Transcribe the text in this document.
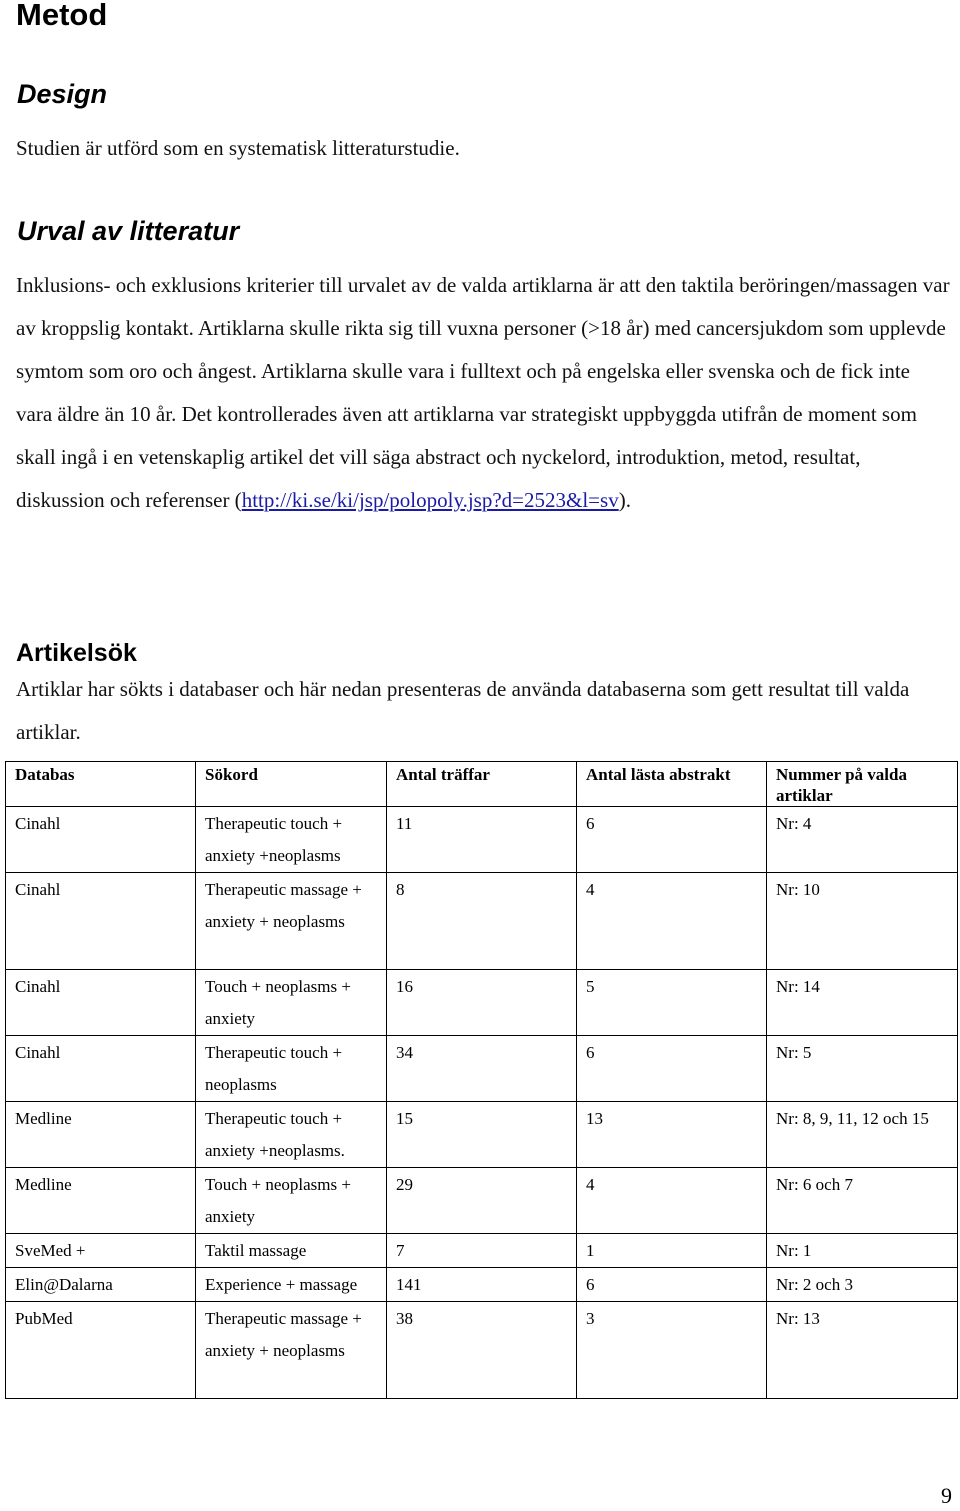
Metod
Design

Studien är utförd som en systematisk litteraturstudie.

Urval av litteratur

Inklusions- och exklusions kriterier till urvalet av de valda artiklarna är att den taktila beröringen/massagen var av kroppslig kontakt. Artiklarna skulle rikta sig till vuxna personer (>18 år) med cancersjukdom som upplevde symtom som oro och ångest. Artiklarna skulle vara i fulltext och på engelska eller svenska och de fick inte vara äldre än 10 år. Det kontrollerades även att artiklarna var strategiskt uppbyggda utifrån de moment som skall ingå i en vetenskaplig artikel det vill säga abstract och nyckelord, introduktion, metod, resultat, diskussion och referenser (http://ki.se/ki/jsp/polopoly.jsp?d=2523&l=sv).

Artikelsök

Artiklar har sökts i databaser och här nedan presenteras de använda databaserna som gett resultat till valda artiklar.

Databas	Sökord	Antal träffar	Antal lästa abstrakt	Nummer på valda artiklar
Cinahl	Therapeutic touch + anxiety +neoplasms	11	6	Nr: 4
Cinahl	Therapeutic massage + anxiety + neoplasms	8	4	Nr: 10
Cinahl	Touch + neoplasms + anxiety	16	5	Nr: 14
Cinahl	Therapeutic touch + neoplasms	34	6	Nr: 5
Medline	Therapeutic touch + anxiety +neoplasms.	15	13	Nr: 8, 9, 11, 12 och 15
Medline	Touch + neoplasms + anxiety	29	4	Nr: 6 och 7
SveMed +	Taktil massage	7	1	Nr: 1
Elin@Dalarna	Experience + massage	141	6	Nr: 2 och 3
PubMed	Therapeutic massage + anxiety + neoplasms	38	3	Nr: 13
9
